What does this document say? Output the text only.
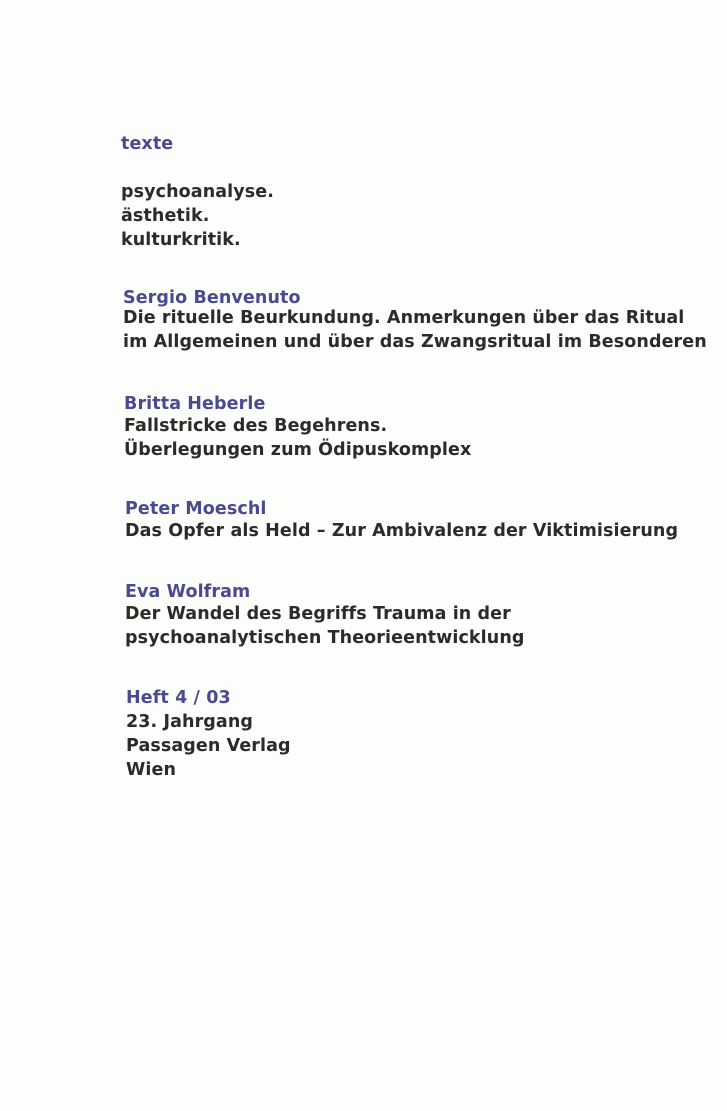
texte
psychoanalyse.
ästhetik.
kulturkritik.
Sergio Benvenuto
Die rituelle Beurkundung. Anmerkungen über das Ritual
im Allgemeinen und über das Zwangsritual im Besonderen
Britta Heberle
Fallstricke des Begehrens.
Überlegungen zum Ödipuskomplex
Peter Moeschl
Das Opfer als Held – Zur Ambivalenz der Viktimisierung
Eva Wolfram
Der Wandel des Begriffs Trauma in der
psychoanalytischen Theorieentwicklung
Heft 4 / 03
23. Jahrgang
Passagen Verlag
Wien
